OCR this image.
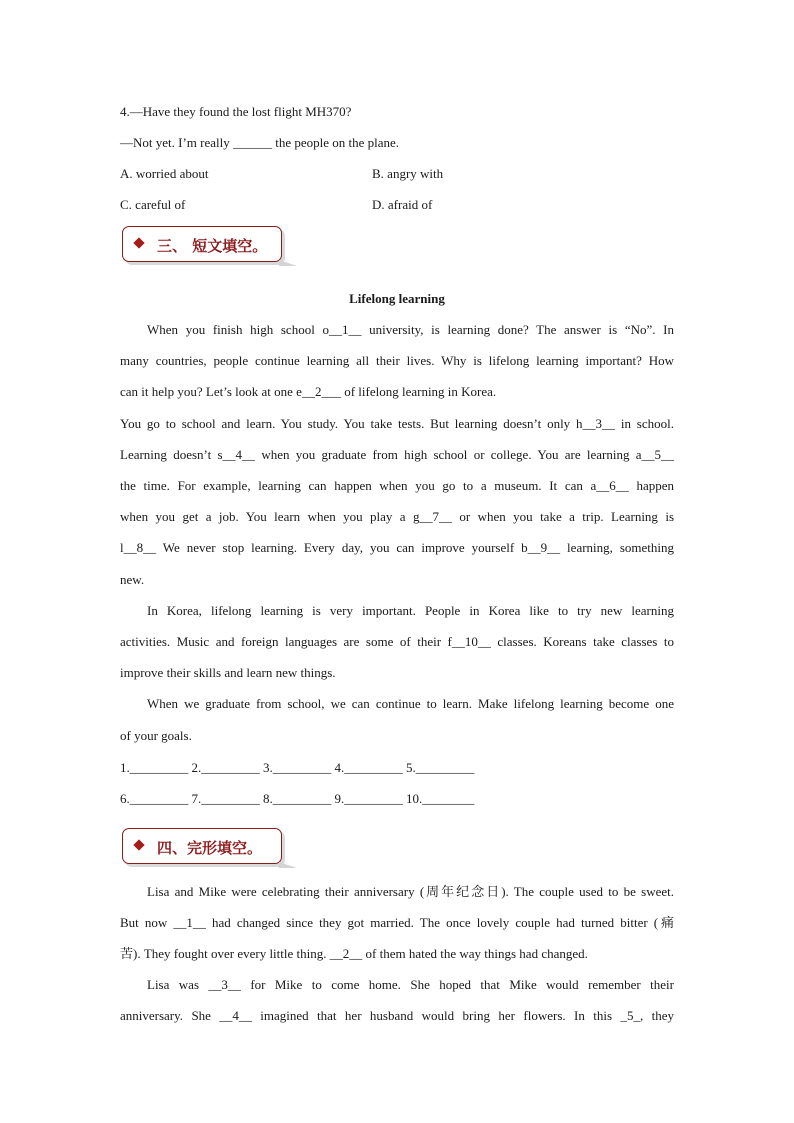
4.—Have they found the lost flight MH370?
—Not yet. I’m really ______ the people on the plane.
A. worried about	B. angry with
C. careful of	D. afraid of
三、 短文填空。
Lifelong learning
When you finish high school o__1__ university, is learning done? The answer is “No”. In
many countries, people continue learning all their lives. Why is lifelong learning important? How
can it help you? Let’s look at one e__2___ of lifelong learning in Korea.
You go to school and learn. You study. You take tests. But learning doesn’t only h__3__ in school.
Learning doesn’t s__4__ when you graduate from high school or college. You are learning a__5__
the time. For example, learning can happen when you go to a museum. It can a__6__ happen
when you get a job. You learn when you play a g__7__ or when you take a trip. Learning is
l__8__ We never stop learning. Every day, you can improve yourself b__9__ learning, something
new.
In Korea, lifelong learning is very important. People in Korea like to try new learning
activities. Music and foreign languages are some of their f__10__ classes. Koreans take classes to
improve their skills and learn new things.
When we graduate from school, we can continue to learn. Make lifelong learning become one
of your goals.
1._________ 2._________ 3._________ 4._________ 5._________
6._________ 7._________ 8._________ 9._________ 10.________
四、完形填空。
Lisa and Mike were celebrating their anniversary (周年纪念日). The couple used to be sweet.
But now __1__ had changed since they got married. The once lovely couple had turned bitter (痛
苦). They fought over every little thing. __2__ of them hated the way things had changed.
Lisa was __3__ for Mike to come home. She hoped that Mike would remember their
anniversary. She __4__ imagined that her husband would bring her flowers. In this _5_, they
